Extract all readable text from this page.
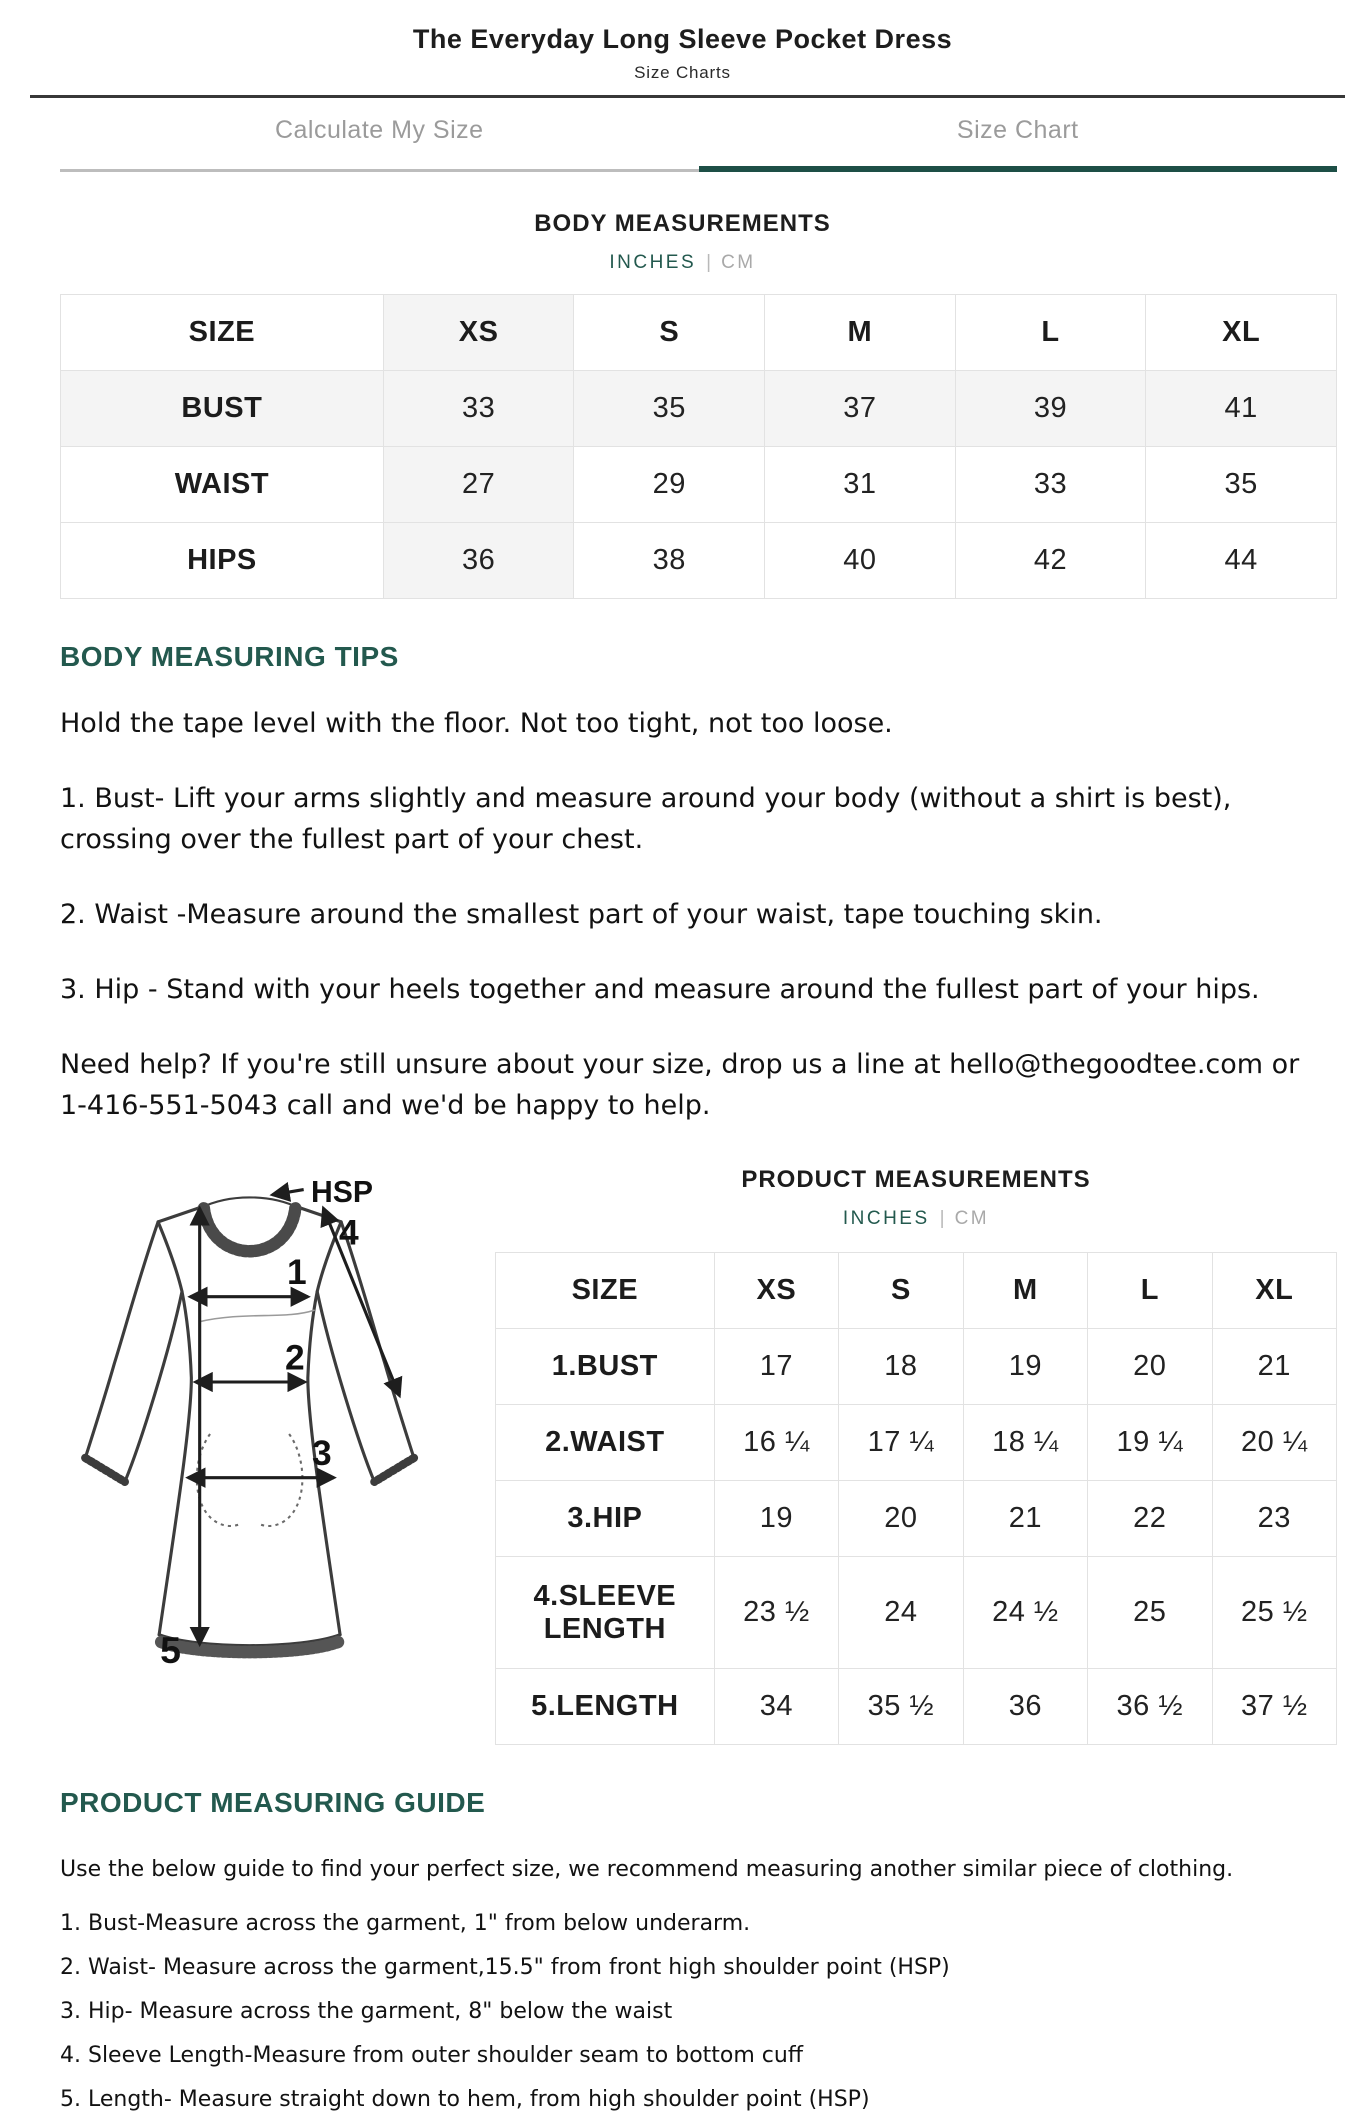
The Everyday Long Sleeve Pocket Dress
Size Charts
Calculate My Size	Size Chart
BODY MEASUREMENTS
INCHES | CM
SIZE	XS	S	M	L	XL
BUST	33	35	37	39	41
WAIST	27	29	31	33	35
HIPS	36	38	40	42	44
BODY MEASURING TIPS

Hold the tape level with the floor. Not too tight, not too loose.

1. Bust- Lift your arms slightly and measure around your body (without a shirt is best), crossing over the fullest part of your chest.

2. Waist -Measure around the smallest part of your waist, tape touching skin.

3. Hip - Stand with your heels together and measure around the fullest part of your hips.

Need help? If you're still unsure about your size, drop us a line at hello@thegoodtee.com or 1-416-551-5043 call and we'd be happy to help.

1
2
3
4
5
HSP	PRODUCT MEASUREMENTS
INCHES | CM
SIZE	XS	S	M	L	XL
1.BUST	17	18	19	20	21
2.WAIST	16 ¼	17 ¼	18 ¼	19 ¼	20 ¼
3.HIP	19	20	21	22	23
4.SLEEVE LENGTH	23 ½	24	24 ½	25	25 ½
5.LENGTH	34	35 ½	36	36 ½	37 ½
PRODUCT MEASURING GUIDE

Use the below guide to find your perfect size, we recommend measuring another similar piece of clothing.

1. Bust-Measure across the garment, 1" from below underarm.
2. Waist- Measure across the garment,15.5" from front high shoulder point (HSP)
3. Hip- Measure across the garment, 8" below the waist
4. Sleeve Length-Measure from outer shoulder seam to bottom cuff
5. Length- Measure straight down to hem, from high shoulder point (HSP)
